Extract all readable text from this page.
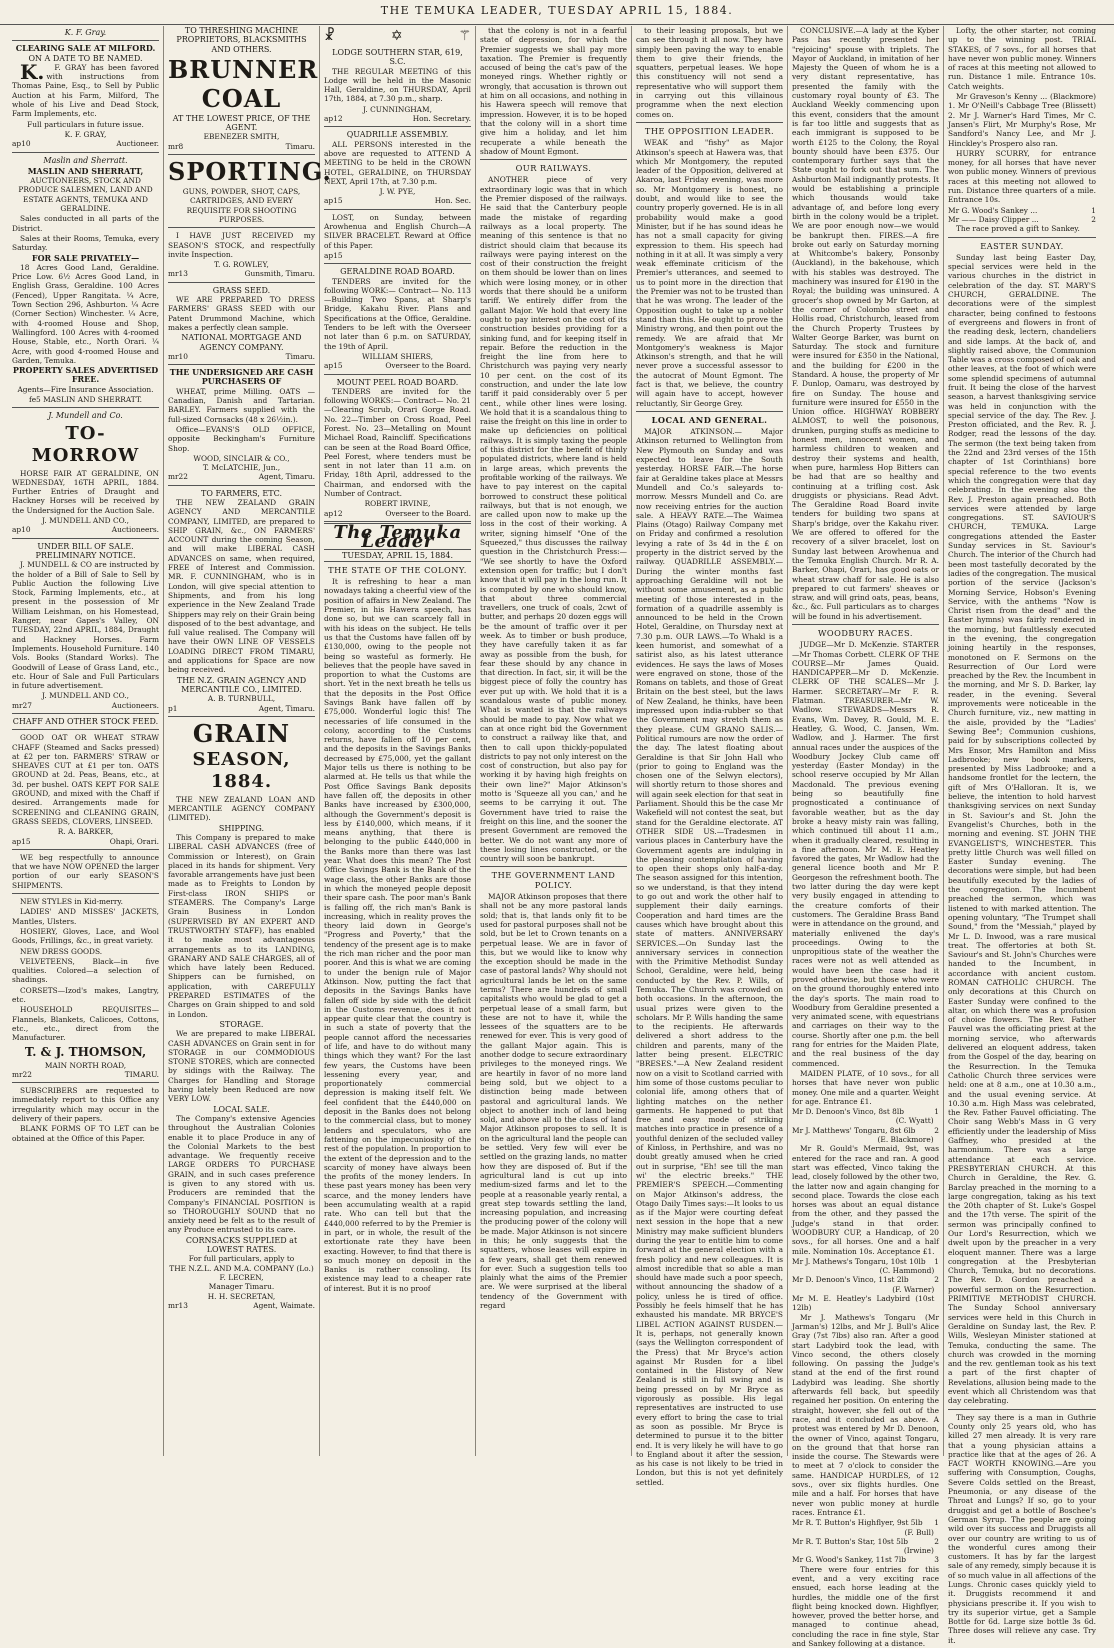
THE TEMUKA LEADER, TUESDAY APRIL 15, 1884.
K. F. Gray.
CLEARING SALE AT MILFORD.
ON A DATE TO BE NAMED.

K.F. GRAY has been favored with instructions from Thomas Paine, Esq., to Sell by Public Auction at his Farm, Milford, The whole of his Live and Dead Stock, Farm Implements, etc.

Full particulars in future issue.

K. F. GRAY,
ap10	Auctioneer.
Maslin and Sherratt.
MASLIN AND SHERRATT,

AUCTIONEERS, STOCK AND PRODUCE SALESMEN, LAND AND ESTATE AGENTS, TEMUKA AND GERALDINE.

Sales conducted in all parts of the District.

Sales at their Rooms, Temuka, every Saturday.

FOR SALE PRIVATELY—

18 Acres Good Land, Geraldine. Price Low. 6½ Acres Good Land, in English Grass, Geraldine. 100 Acres (Fenced), Upper Rangitata. ¼ Acre, Town Section 296, Ashburton. ¼ Acre (Corner Section) Winchester. ¼ Acre, with 4-roomed House and Shop, Wallingford. 100 Acres with 4-roomed House, Stable, etc., North Orari. ¼ Acre, with good 4-roomed House and Garden, Temuka.

PROPERTY SALES ADVERTISED FREE.

Agents—Fire Insurance Association.

fe5 MASLIN AND SHERRATT.
J. Mundell and Co.
TO-MORROW

HORSE FAIR AT GERALDINE, ON WEDNESDAY, 16TH APRIL, 1884. Further Entries of Draught and Hackney Horses will be received by the Undersigned for the Auction Sale.

J. MUNDELL AND CO.,
ap10	Auctioneers.
UNDER BILL OF SALE.
PRELIMINARY NOTICE.

J. MUNDELL & CO are instructed by the holder of a Bill of Sale to Sell by Public Auction the following Live Stock, Farming Implements, etc., at present in the possession of Mr William Leishman, on his Homestead, Ranger, near Gapes's Valley, ON TUESDAY, 22nd APRIL, 1884, Draught and Hackney Horses. Farm Implements. Household Furniture. 140 Vols. Books (Standard Works). The Goodwill of Lease of Grass Land, etc., etc. Hour of Sale and Full Particulars in future advertisement.

J. MUNDELL AND CO.,
mr27	Auctioneers.
CHAFF AND OTHER STOCK FEED.

GOOD OAT OR WHEAT STRAW CHAFF (Steamed and Sacks pressed) at £2 per ton. FARMERS' STRAW or SHEAVES CUT at £1 per ton. OATS GROUND at 2d. Peas, Beans, etc., at 3d. per bushel. OATS KEPT FOR SALE GROUND, and mixed with the Chaff if desired. Arrangements made for SCREENING and CLEANING GRAIN, GRASS SEEDS, CLOVERS, LINSEED.

R. A. BARKER,
ap15	Ohapi, Orari.

WE beg respectfully to announce that we have NOW OPENED the larger portion of our early SEASON'S SHIPMENTS.

NEW STYLES in Kid-merry.

LADIES' AND MISSES' JACKETS, Mantles, Ulsters.

HOSIERY, Gloves, Lace, and Wool Goods, Frillings, &c., in great variety.

NEW DRESS GOODS.

VELVETEENS, Black—in five qualities. Colored—a selection of shadings.

CORSETS—Izod's makes, Langtry, etc.

HOUSEHOLD REQUISITES—Flannels, Blankets, Calicoes, Cottons, etc., etc., direct from the Manufacturer.

T. & J. THOMSON,
MAIN NORTH ROAD,
mr22	TIMARU.

SUBSCRIBERS are requested to immediately report to this Office any irregularity which may occur in the delivery of their papers.

BLANK FORMS OF TO LET can be obtained at the Office of this Paper.

TO THRESHING MACHINE PROPRIETORS, BLACKSMITHS AND OTHERS.
BRUNNER
COAL
AT THE LOWEST PRICE, OF THE AGENT.
EBENEZER SMITH,
mr8	Timaru.
SPORTING.

GUNS, POWDER, SHOT, CAPS, CARTRIDGES, AND EVERY REQUISITE FOR SHOOTING PURPOSES.

I HAVE JUST RECEIVED my SEASON'S STOCK, and respectfully invite Inspection.

T. G. ROWLEY,
mr13	Gunsmith, Timaru.
GRASS SEED.

WE ARE PREPARED TO DRESS FARMERS' GRASS SEED with our Patent Drummond Machine, which makes a perfectly clean sample.

NATIONAL MORTGAGE AND AGENCY COMPANY.
mr10	Timaru.
THE UNDERSIGNED ARE CASH PURCHASERS OF

WHEAT, prime Milling. OATS — Canadian, Danish and Tartarian. BARLEY. Farmers supplied with the full-sized Cornsacks (48 x 26½in.).

Office—EVANS'S OLD OFFICE, opposite Beckingham's Furniture Shop.

WOOD, SINCLAIR & CO.,
T. McLATCHIE, Jun.,
mr22	Agent, Timaru.
TO FARMERS, ETC.

THE NEW ZEALAND GRAIN AGENCY AND MERCANTILE COMPANY, LIMITED, are prepared to SHIP GRAIN, &c., ON FARMERS' ACCOUNT during the coming Season, and will make LIBERAL CASH ADVANCES on same, when required, FREE of Interest and Commission. MR. F. CUNNINGHAM, who is in London, will give special attention to Shipments, and from his long experience in the New Zealand Trade Shippers may rely on their Grain being disposed of to the best advantage, and full value realised. The Company will have their OWN LINE OF VESSELS LOADING DIRECT FROM TIMARU, and applications for Space are now being received.

THE N.Z. GRAIN AGENCY AND MERCANTILE CO., LIMITED.
A. B. TURNBULL,
p1	Agent, Timaru.
GRAIN
SEASON, 1884.

THE NEW ZEALAND LOAN AND MERCANTILE AGENCY COMPANY (LIMITED).

SHIPPING.

This Company is prepared to make LIBERAL CASH ADVANCES (free of Commission or Interest), on Grain placed in its hands for shipment. Very favorable arrangements have just been made as to Freights to London by First-class IRON SHIPS or STEAMERS. The Company's Large Grain Business in London (SUPERVISED BY AN EXPERT AND TRUSTWORTHY STAFF), has enabled it to make most advantageous arrangements as to its LANDING, GRANARY AND SALE CHARGES, all of which have lately been Reduced. Shippers can be furnished, on application, with CAREFULLY PREPARED ESTIMATES of the Charges on Grain shipped to and sold in London.

STORAGE.

We are prepared to make LIBERAL CASH ADVANCES on Grain sent in for STORAGE in our COMMODIOUS STONE STORES, which are connected by sidings with the Railway. The Charges for Handling and Storage having lately been Reduced are now VERY LOW.

LOCAL SALE.

The Company's extensive Agencies throughout the Australian Colonies enable it to place Produce in any of the Colonial Markets to the best advantage. We frequently receive LARGE ORDERS TO PURCHASE GRAIN, and in such cases preference is given to any stored with us. Producers are reminded that the Company's FINANCIAL POSITION is so THOROUGHLY SOUND that no anxiety need be felt as to the result of any Produce entrusted to its care.

CORNSACKS SUPPLIED at LOWEST RATES.
For full particulars, apply to
THE N.Z.L. AND M.A. COMPANY (Lo.)
F. LECREN,
Manager Timaru.
H. H. SECRETAN,
mr13	Agent, Waimate.
☧	✡	⚚
LODGE SOUTHERN STAR, 619, S.C.

THE REGULAR MEETING of this Lodge will be held in the Masonic Hall, Geraldine, on THURSDAY, April 17th, 1884, at 7.30 p.m., sharp.

J. CUNNINGHAM,
ap12	Hon. Secretary.
QUADRILLE ASSEMBLY.

ALL PERSONS interested in the above are requested to ATTEND A MEETING to be held in the CROWN HOTEL, GERALDINE, on THURSDAY NEXT, April 17th, at 7.30 p.m.

J. W. PYE,
ap15	Hon. Sec.

LOST, on Sunday, between Arowhenua and English Church—A SILVER BRACELET. Reward at Office of this Paper.

ap15
GERALDINE ROAD BOARD.

TENDERS are invited for the following WORK:— Contract— No. 113—Building Two Spans, at Sharp's Bridge, Kakahu River. Plans and Specifications at the Office, Geraldine. Tenders to be left with the Overseer not later than 6 p.m. on SATURDAY, the 19th of April.

WILLIAM SHIERS,
ap15	Overseer to the Board.
MOUNT PEEL ROAD BOARD.

TENDERS are invited for the following WORKS:— Contract— No. 21—Clearing Scrub, Orari Gorge Road. No. 22—Timber on Cross Road, Peel Forest. No. 23—Metalling on Mount Michael Road, Raincliff. Specifications can be seen at the Road Board Office, Peel Forest, where tenders must be sent in not later than 11 a.m. on Friday, 18th April, addressed to the Chairman, and endorsed with the Number of Contract.

ROBERT IRVINE,
ap12	Overseer to the Board.
The Temuka Leader
TUESDAY, APRIL 15, 1884.
THE STATE OF THE COLONY.

It is refreshing to hear a man nowadays taking a cheerful view of the position of affairs in New Zealand. The Premier, in his Hawera speech, has done so, but we can scarcely fall in with his ideas on the subject. He tells us that the Customs have fallen off by £130,000, owing to the people not being so wasteful as formerly. He believes that the people have saved in proportion to what the Customs are short. Yet in the next breath he tells us that the deposits in the Post Office Savings Bank have fallen off by £75,000. Wonderful logic this! The necessaries of life consumed in the colony, according to the Customs returns, have fallen off 10 per cent, and the deposits in the Savings Banks decreased by £75,000, yet the gallant Major tells us there is nothing to be alarmed at. He tells us that while the Post Office Savings Bank deposits have fallen off, the deposits in other Banks have increased by £300,000, although the Government's deposit is less by £140,000, which means, if it means anything, that there is belonging to the public £440,000 in the Banks more than there was last year. What does this mean? The Post Office Savings Bank is the Bank of the wage class, the other Banks are those in which the moneyed people deposit their spare cash. The poor man's Bank is falling off, the rich man's Bank is increasing, which in reality proves the theory laid down in George's "Progress and Poverty," that the tendency of the present age is to make the rich man richer and the poor man poorer. And this is what we are coming to under the benign rule of Major Atkinson. Now, putting the fact that deposits in the Savings Banks have fallen off side by side with the deficit in the Customs revenue, does it not appear quite clear that the country is in such a state of poverty that the people cannot afford the necessaries of life, and have to do without many things which they want? For the last few years, the Customs have been lessening every year, and proportionately commercial depression is making itself felt. We feel confident that the £440,000 on deposit in the Banks does not belong to the commercial class, but to money lenders and speculators, who are fattening on the impecuniosity of the rest of the population. In proportion to the extent of the depression and to the scarcity of money have always been the profits of the money lenders. In these past years money has been very scarce, and the money lenders have been accumulating wealth at a rapid rate. Who can tell but that the £440,000 referred to by the Premier is in part, or in whole, the result of the extortionate rate they have been exacting. However, to find that there is so much money on deposit in the Banks is rather consoling. Its existence may lead to a cheaper rate of interest. But it is no proof

that the colony is not in a fearful state of depression, for which the Premier suggests we shall pay more taxation. The Premier is frequently accused of being the cat's paw of the moneyed rings. Whether rightly or wrongly, that accusation is thrown out at him on all occasions, and nothing in his Hawera speech will remove that impression. However, it is to be hoped that the colony will in a short time give him a holiday, and let him recuperate a while beneath the shadow of Mount Egmont.

OUR RAILWAYS.

ANOTHER piece of very extraordinary logic was that in which the Premier disposed of the railways. He said that the Canterbury people made the mistake of regarding railways as a local property. The meaning of this sentence is that no district should claim that because its railways were paying interest on the cost of their construction the freight on them should be lower than on lines which were losing money, or in other words that there should be a uniform tariff. We entirely differ from the gallant Major. We hold that every line ought to pay interest on the cost of its construction besides providing for a sinking fund, and for keeping itself in repair. Before the reduction in the freight the line from here to Christchurch was paying very nearly 10 per cent. on the cost of its construction, and under the late low tariff it paid considerably over 5 per cent., while other lines were losing. We hold that it is a scandalous thing to raise the freight on this line in order to make up deficiencies on political railways. It is simply taxing the people of this district for the benefit of thinly populated districts, where land is held in large areas, which prevents the profitable working of the railways. We have to pay interest on the capital borrowed to construct these political railways, but that is not enough, we are called upon now to make up the loss in the cost of their working. A writer, signing himself "One of the Squeezed," thus discusses the railway question in the Christchurch Press:— "We see shortly to have the Oxford extension open for traffic; but I don't know that it will pay in the long run. It is computed by one who should know, that about three commercial travellers, one truck of coals, 2cwt of butter, and perhaps 20 dozen eggs will be the amount of traffic over it per week. As to timber or bush produce, they have carefully taken it as far away as possible from the bush, for fear these should by any chance in that direction. In fact, sir, it will be the biggest piece of folly the country has ever put up with. We hold that it is a scandalous waste of public money. What is wanted is that the railways should be made to pay. Now what we can at once right bid the Government to construct a railway like that, and then to call upon thickly-populated districts to pay not only interest on the cost of construction, but also pay for working it by having high freights on their own line?" Major Atkinson's motto is 'Squeeze all you can,' and he seems to be carrying it out. The Government have tried to raise the freight on this line, and the sooner the present Government are removed the better. We do not want any more of these losing lines constructed, or the country will soon be bankrupt.

THE GOVERNMENT LAND POLICY.

MAJOR Atkinson proposes that there shall not be any more pastoral lands sold; that is, that lands only fit to be used for pastoral purposes shall not be sold, but be let to Crown tenants on a perpetual lease. We are in favor of this, but we would like to know why the exception should be made in the case of pastoral lands? Why should not agricultural lands be let on the same terms? There are hundreds of small capitalists who would be glad to get a perpetual lease of a small farm, but these are not to have it, while the lessees of the squatters are to be renewed for ever. This is very good of the gallant Major again. This is another dodge to secure extraordinary privileges to the moneyed rings. We are heartily in favor of no more land being sold, but we object to a distinction being made between pastoral and agricultural lands. We object to another inch of land being sold, and above all to the class of land Major Atkinson proposes to sell. It is on the agricultural land the people can be settled. Very few will ever be settled on the grazing lands, no matter how they are disposed of. But if the agricultural land is cut up into medium-sized farms and let to the people at a reasonable yearly rental, a great step towards settling the land, increasing population, and increasing the producing power of the colony will be made. Major Atkinson is not sincere in this; he only suggests that the squatters, whose leases will expire in a few years, shall get them renewed for ever. Such a suggestion tells too plainly what the aims of the Premier are. We were surprised at the liberal tendency of the Government with regard

to their leasing proposals, but we can see through it all now. They have simply been paving the way to enable them to give their friends, the squatters, perpetual leases. We hope this constituency will not send a representative who will support them in carrying out this villainous programme when the next election comes on.

THE OPPOSITION LEADER.

WEAK and "fishy" as Major Atkinson's speech at Hawera was, that which Mr Montgomery, the reputed leader of the Opposition, delivered at Akaroa, last Friday evening, was more so. Mr Montgomery is honest, no doubt, and would like to see the country properly governed. He is in all probability would make a good Minister, but if he has sound ideas he has not a small capacity for giving expression to them. His speech had nothing in it at all. It was simply a very weak effeminate criticism of the Premier's utterances, and seemed to us to point more in the direction that the Premier was not to be trusted than that he was wrong. The leader of the Opposition ought to take up a nobler stand than this. He ought to prove the Ministry wrong, and then point out the remedy. We are afraid that Mr Montgomery's weakness is Major Atkinson's strength, and that he will never prove a successful assessor to the autocrat of Mount Egmont. The fact is that, we believe, the country will again have to accept, however reluctantly, Sir George Grey.

LOCAL AND GENERAL.

MAJOR ATKINSON.— Major Atkinson returned to Wellington from New Plymouth on Sunday and was expected to leave for the South yesterday. HORSE FAIR.—The horse fair at Geraldine takes place at Messrs Mundell and Co.'s saleyards to-morrow. Messrs Mundell and Co. are now receiving entries for the auction sale. A HEAVY RATE.—The Waimea Plains (Otago) Railway Company met on Friday and confirmed a resolution levying a rate of 3s 4d in the £ on property in the district served by the railway. QUADRILLE ASSEMBLY.—During the winter months fast approaching Geraldine will not be without some amusement, as a public meeting of those interested in the formation of a quadrille assembly is announced to be held in the Crown Hotel, Geraldine, on Thursday next at 7.30 p.m. OUR LAWS.—To Whakl is a keen humorist, and somewhat of a satirist also, as his latest utterance evidences. He says the laws of Moses were engraved on stone, those of the Romans on tablets, and those of Great Britain on the best steel, but the laws of New Zealand, he thinks, have been impressed upon india-rubber so that the Government may stretch them as they please. CUM GRANO SALIS.—Political rumours are now the order of the day. The latest floating about Geraldine is that Sir John Hall who (prior to going to England was the chosen one of the Selwyn electors), will shortly return to those shores and will again seek election for that seat in Parliament. Should this be the case Mr Wakefield will not contest the seat, but stand for the Geraldine electorate. AT OTHER SIDE US.—Tradesmen in various places in Canterbury have the Government agents are indulging in the pleasing contemplation of having to open their shops only half-a-day. The season assigned for this intention, so we understand, is that they intend to go out and work the other half to supplement their daily earnings. Cooperation and hard times are the causes which have brought about this state of matters. ANNIVERSARY SERVICES.—On Sunday last the anniversary services in connection with the Primitive Methodist Sunday School, Geraldine, were held, being conducted by the Rev. P. Wills, of Temuka. The Church was crowded on both occasions. In the afternoon, the usual prizes were given to the scholars. Mr P. Wills handing the same to the recipients. He afterwards delivered a short address to the children and parents, many of the latter being present. ELECTRIC "BRESES."—A New Zealand resident now on a visit to Scotland carried with him some of those customs peculiar to colonial life, among others that of lighting matches on the nether garments. He happened to put that free and easy mode of striking matches into practice in presence of a youthful denizen of the secluded valley of Kinloss, in Perthshire, and was no doubt greatly amused when he cried out in surprise, "Eh! see till the man wi' the electric breeks." THE PREMIER'S SPEECH.—Commenting on Major Atkinson's address, the Otago Daily Times says:—It looks to us as if the Major were courting defeat next session in the hope that a new Ministry may make sufficient blunders during the year to entitle him to come forward at the general election with a fresh policy and new colleagues. It is almost incredible that so able a man should have made such a poor speech, without announcing the shadow of a policy, unless he is tired of office. Possibly he feels himself that he has exhausted his mandate. MR BRYCE'S LIBEL ACTION AGAINST RUSDEN.—It is, perhaps, not generally known (says the Wellington correspondent of the Press) that Mr Bryce's action against Mr Rusden for a libel contained in the History of New Zealand is still in full swing and is being pressed on by Mr Bryce as vigorously as possible. His legal representatives are instructed to use every effort to bring the case to trial as soon as possible. Mr Bryce is determined to pursue it to the bitter end. It is very likely he will have to go to England about it after the session, as his case is not likely to be tried in London, but this is not yet definitely settled.

CONCLUSIVE.—A lady at the Kyber Pass has recently presented her "rejoicing" spouse with triplets. The Mayor of Auckland, in imitation of her Majesty the Queen of whom he is a very distant representative, has presented the family with the customary royal bounty of £3. The Auckland Weekly commencing upon this event, considers that the amount is far too little and suggests that as each immigrant is supposed to be worth £125 to the Colony, the Royal bounty should have been £375. Our contemporary further says that the State ought to fork out that sum. The Ashburton Mail indignantly protests. It would be establishing a principle which thousands would take advantage of, and before long every birth in the colony would be a triplet. We are poor enough now—we would be bankrupt then. FIRES.—A fire broke out early on Saturday morning at Whitcombe's bakery, Ponsonby (Auckland), in the bakehouse, which with his stables was destroyed. The machinery was insured for £190 in the Royal; the building was uninsured. A grocer's shop owned by Mr Garton, at the corner of Colombo street and Hollis road, Christchurch, leased from the Church Property Trustees by Walter George Barker, was burnt on Saturday. The stock and furniture were insured for £350 in the National, and the building for £200 in the Standard. A house, the property of Mr F. Dunlop, Oamaru, was destroyed by fire on Sunday. The house and furniture were insured for £550 in the Union office. HIGHWAY ROBBERY ALMOST, to well the poisonous, drunken, purging stuffs as medicine to honest men, innocent women, and harmless children to weaken and destroy their systems and health, when pure, harmless Hop Bitters can be had that are so healthy and continuing at a trifling cost. Ask druggists or physicians. Read Advt. The Geraldine Road Board invite tenders for building two spans at Sharp's bridge, over the Kakahu river. We are offered to offered for the recovery of a silver bracelet, lost on Sunday last between Arowhenua and the Temuka English Church. Mr R. A. Barker, Ohapi, Orari, has good oats or wheat straw chaff for sale. He is also prepared to cut farmers' sheaves or straw, and will grind oats, peas, beans, &c., &c. Full particulars as to charges will be found in his advertisement.

WOODBURY RACES.

JUDGE—Mr D. McKenzie. STARTER—Mr Thomas Corbett. CLERK OF THE COURSE—Mr James Quaid. HANDICAPPER—Mr D. McKenzie. CLERK OF THE SCALES—Mr J. Harmer. SECRETARY—Mr F. R. Flatman. TREASURER—Mr W. Wadlow. STEWARDS—Messrs R. Evans, Wm. Davey, R. Gould, M. E. Heatley, G. Wood, C. Jansen, Wm. Wadlow, and J. Harmer. The first annual races under the auspices of the Woodbury Jockey Club came off yesterday (Easter Monday) in the school reserve occupied by Mr Allan Macdonald. The previous evening being so beautifully fine prognosticated a continuance of favorable weather, but as the day broke a heavy misty rain was falling, which continued till about 11 a.m., when it gradually cleared, resulting in a fine afternoon. Mr M. E. Heatley favored the gates, Mr Wadlow had the general licence booth and Mr P. Georgeson the refreshment booth. The two latter during the day were kept very busily engaged in attending to the creature comforts of their customers. The Geraldine Brass Band were in attendance on the ground, and materially enlivened the day's proceedings. Owing to the unpropitious state of the weather the races were not as well attended as would have been the case had it proved otherwise, but those who were on the ground thoroughly entered into the day's sports. The main road to Woodbury from Geraldine presented a very animated scene, with equestrians and carriages on their way to the course. Shortly after one p.m. the bell rang for entries for the Maiden Plate, and the real business of the day commenced.

MAIDEN PLATE, of 10 sovs., for all horses that have never won public money. One mile and a quarter. Weight for age. Entrance £1.

Mr D. Denoon's Vinco, 8st 8lb	1
(C. Wyatt)	
Mr J. Matthews' Tongaru, 8st 6lb	2
(E. Blackmore)	

Mr R. Gould's Mermaid, 9st, was entered for the race and ran. A good start was effected, Vinco taking the lead, closely followed by the other two, the latter now and again changing for second place. Towards the close each horses was about an equal distance from the other, and they passed the Judge's stand in that order. WOODBURY CUP, a Handicap, of 20 sovs., for all horses. One and a half mile. Nomination 10s. Acceptance £1.

Mr J. Mathews's Tongaru, 10st 10lb	1
(C. Hammond)	
Mr D. Denoon's Vinco, 11st 2lb	2
(F. Warner)	
Mr M. E. Heatley's Ladybird (10st 12lb)	

Mr J. Mathews's Tongaru (Mr Jarman's) 12lbs, and Mr J. Bull's Alice Gray (7st 7lbs) also ran. After a good start Ladybird took the lead, with Vinco second, the others closely following. On passing the Judge's stand at the end of the first round Ladybird was leading. She shortly afterwards fell back, but speedily regained her position. On entering the straight, however, she fell out of the race, and it concluded as above. A protest was entered by Mr D. Denoon, the owner of Vinco, against Tongaru, on the ground that that horse ran inside the course. The Stewards were to meet at 7 o'clock to consider the same. HANDICAP HURDLES, of 12 sovs., over six flights hurdles. One mile and a half. For horses that have never won public money at hurdle races. Entrance £1.

Mr R. T. Button's Highflyer, 9st 5lb	1
(F. Bull)	
Mr R. T. Button's Star, 10st 5lb	2
(Irwine)	
Mr G. Wood's Sankey, 11st 7lb	3

There were four entries for this event, and a very exciting race ensued, each horse leading at the hurdles, the middle one of the first flight being knocked down. Highflyer, however, proved the better horse, and managed to continue ahead, concluding the race in fine style, Star and Sankey following at a distance.

Lofty, the other starter, not coming up to the winning post. TRIAL STAKES, of 7 sovs., for all horses that have never won public money. Winners of races at this meeting not allowed to run. Distance 1 mile. Entrance 10s. Catch weights.

Mr Graveson's Kenny ... (Blackmore) 1. Mr O'Neill's Cabbage Tree (Blissett) 2. Mr J. Warner's Hard Times, Mr C. Jansen's Flirt, Mr Murphy's Rose, Mr Sandford's Nancy Lee, and Mr J. Hinckley's Prospero also ran.

HURRY SCURRY, for entrance money, for all horses that have never won public money. Winners of previous races at this meeting not allowed to run. Distance three quarters of a mile. Entrance 10s.

Mr G. Wood's Sankey ...	1
Mr —— Daisy Clipper ...	2

The race proved a gift to Sankey.

EASTER SUNDAY.

Sunday last being Easter Day, special services were held in the various churches in the district in celebration of the day. ST. MARY'S CHURCH, GERALDINE. The decorations were of the simplest character, being confined to festoons of evergreens and flowers in front of the reading desk, lectern, chandeliers and side lamps. At the back of, and slightly raised above, the Communion Table was a cross composed of oak and other leaves, at the foot of which were some splendid specimens of autumnal fruit. It being the close of the harvest season, a harvest thanksgiving service was held in conjunction with the special service of the day. The Rev. J. Preston officiated, and the Rev. R. J. Rodger, read the lessons of the day. The sermon (the text being taken from the 22nd and 23rd verses of the 15th chapter of 1st Corinthians) bore special reference to the two events which the congregation were that day celebrating. In the evening also the Rev. J. Preston again preached. Both services were attended by large congregations. ST. SAVIOUR'S CHURCH, TEMUKA. Large congregations attended the Easter Sunday services in St. Saviour's Church. The interior of the Church had been most tastefully decorated by the ladies of the congregation. The musical portion of the service (Jackson's Morning Service, Hobson's Evening Service, with the anthems "Now is Christ risen from the dead" and the Easter hymns) was fairly rendered in the morning, but faultlessly executed in the evening, the congregation joining heartily in the responses, monotoned on F. Sermons on the Resurrection of Our Lord were preached by the Rev. the Incumbent in the morning, and Mr S. D. Barker, lay reader, in the evening. Several improvements were noticeable in the Church furniture, viz., new matting in the aisle, provided by the "Ladies' Sewing Bee"; Communion cushions, paid for by subscriptions collected by Mrs Ensor, Mrs Hamilton and Miss Ladbrooke; new book markers, presented by Miss Ladbrooke; and a handsome frontlet for the lectern, the gift of Mrs O'Halloran. It is, we believe, the intention to hold harvest thanksgiving services on next Sunday in St. Saviour's and St. John the Evangelist's Churches, both in the morning and evening. ST. JOHN THE EVANGELIST'S, WINCHESTER. This pretty little Church was well filled on Easter Sunday evening. The decorations were simple, but had been beautifully executed by the ladies of the congregation. The Incumbent preached the sermon, which was listened to with marked attention. The opening voluntary, "The Trumpet shall Sound," from the "Messiah," played by Mr L. D. Inwood, was a rare musical treat. The offertories at both St. Saviour's and St. John's Churches were handed to the Incumbent, in accordance with ancient custom. ROMAN CATHOLIC CHURCH. The only decorations at this Church on Easter Sunday were confined to the altar, on which there was a profusion of choice flowers. The Rev. Father Fauvel was the officiating priest at the morning service, who afterwards delivered an eloquent address, taken from the Gospel of the day, bearing on the Resurrection. In the Temuka Catholic Church three services were held: one at 8 a.m., one at 10.30 a.m., and the usual evening service. At 10.30 a.m. High Mass was celebrated, the Rev. Father Fauvel officiating. The Choir sang Webb's Mass in G very efficiently under the leadership of Miss Gaffney, who presided at the harmonium. There was a large attendance at each service. PRESBYTERIAN CHURCH. At this Church in Geraldine, the Rev. G. Barclay preached in the morning to a large congregation, taking as his text the 20th chapter of St. Luke's Gospel and the 17th verse. The spirit of the sermon was principally confined to Our Lord's Resurrection, which we dwelt upon by the preacher in a very eloquent manner. There was a large congregation at the Presbyterian Church, Temuka, but no decorations. The Rev. D. Gordon preached a powerful sermon on the Resurrection. PRIMITIVE METHODIST CHURCH. The Sunday School anniversary services were held in this Church in Geraldine on Sunday last, the Rev. P. Wills, Wesleyan Minister stationed at Temuka, conducting the same. The church was crowded in the morning and the rev. gentleman took as his text a part of the first chapter of Revelations, allusion being made to the event which all Christendom was that day celebrating.

They say there is a man in Guthrie County only 25 years old, who has killed 27 men already. It is very rare that a young physician attains a practice like that at the ages of 26. A FACT WORTH KNOWING.—Are you suffering with Consumption, Coughs, Severe Colds settled on the Breast, Pneumonia, or any disease of the Throat and Lungs? If so, go to your druggist and get a bottle of Boschee's German Syrup. The people are going wild over its success and Druggists all over our country are writing to us of the wonderful cures among their customers. It has by far the largest sale of any remedy, simply because it is of so much value in all affections of the Lungs. Chronic cases quickly yield to it. Druggists recommend it and physicians prescribe it. If you wish to try its superior virtue, get a Sample Bottle for 6d. Large size bottle 3s 6d. Three doses will relieve any case. Try it.
